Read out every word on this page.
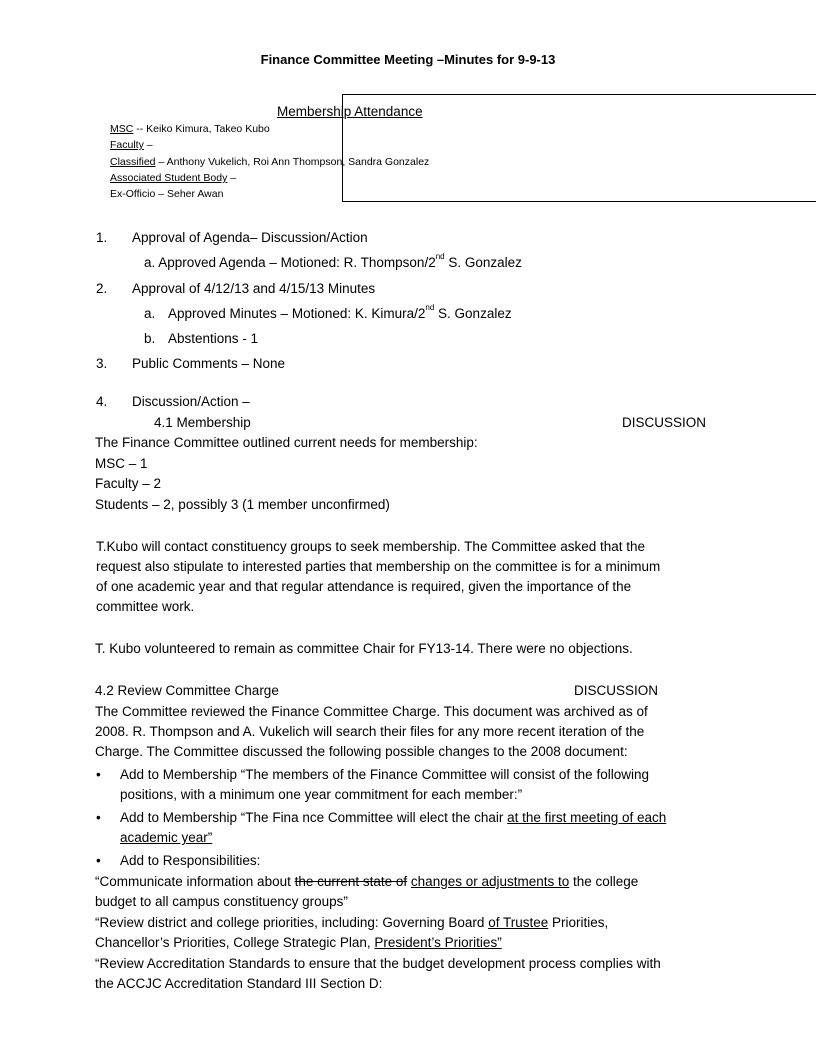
Finance Committee Meeting –Minutes for 9-9-13
Membership Attendance
MSC -- Keiko Kimura, Takeo Kubo
Faculty –
Classified – Anthony Vukelich, Roi Ann Thompson, Sandra Gonzalez
Associated Student Body –
Ex-Officio – Seher Awan
1. Approval of Agenda– Discussion/Action
a. Approved Agenda – Motioned: R. Thompson/2nd S. Gonzalez
2. Approval of 4/12/13 and 4/15/13 Minutes
a. Approved Minutes – Motioned: K. Kimura/2nd S. Gonzalez
b. Abstentions - 1
3. Public Comments – None
4. Discussion/Action –
4.1 Membership	DISCUSSION
The Finance Committee outlined current needs for membership:
MSC – 1
Faculty – 2
Students – 2, possibly 3 (1 member unconfirmed)
T.Kubo will contact constituency groups to seek membership. The Committee asked that the
request also stipulate to interested parties that membership on the committee is for a minimum
of one academic year and that regular attendance is required, given the importance of the
committee work.
T. Kubo volunteered to remain as committee Chair for FY13-14. There were no objections.
4.2 Review Committee Charge	DISCUSSION
The Committee reviewed the Finance Committee Charge. This document was archived as of
2008. R. Thompson and A. Vukelich will search their files for any more recent iteration of the
Charge. The Committee discussed the following possible changes to the 2008 document:
• Add to Membership “The members of the Finance Committee will consist of the following
positions, with a minimum one year commitment for each member:”
• Add to Membership “The Fina nce Committee will elect the chair at the first meeting of each
academic year”
• Add to Responsibilities:
“Communicate information about the current state of changes or adjustments to the college
budget to all campus constituency groups”
“Review district and college priorities, including: Governing Board of Trustee Priorities,
Chancellor’s Priorities, College Strategic Plan, President’s Priorities”
“Review Accreditation Standards to ensure that the budget development process complies with
the ACCJC Accreditation Standard III Section D:
